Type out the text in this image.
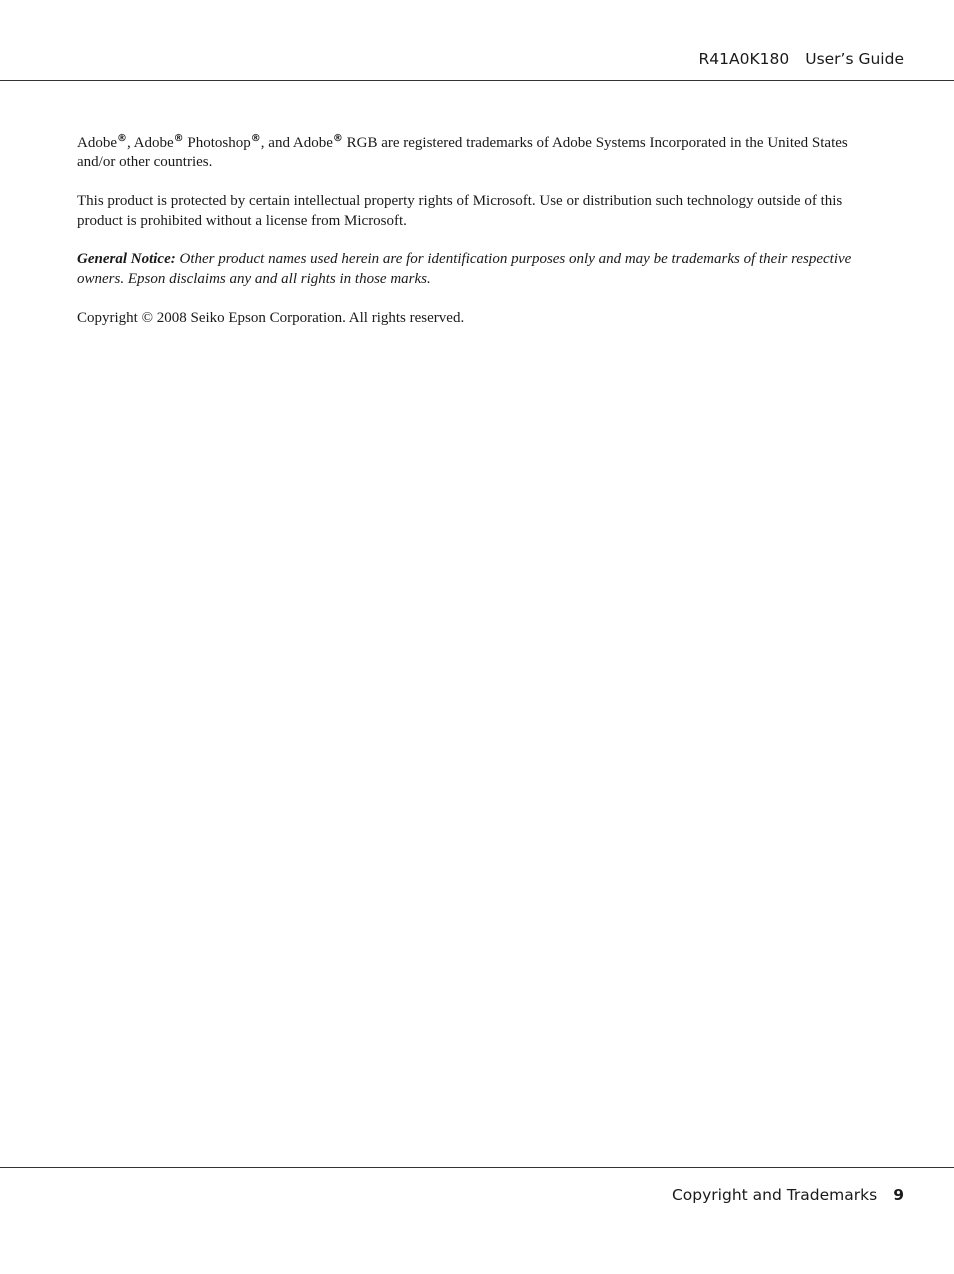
R41A0K180 User’s Guide

Adobe®, Adobe® Photoshop®, and Adobe® RGB are registered trademarks of Adobe Systems Incorporated in the United States and/or other countries.

This product is protected by certain intellectual property rights of Microsoft. Use or distribution such technology outside of this product is prohibited without a license from Microsoft.

General Notice: Other product names used herein are for identification purposes only and may be trademarks of their respective owners. Epson disclaims any and all rights in those marks.

Copyright © 2008 Seiko Epson Corporation. All rights reserved.

Copyright and Trademarks 9
